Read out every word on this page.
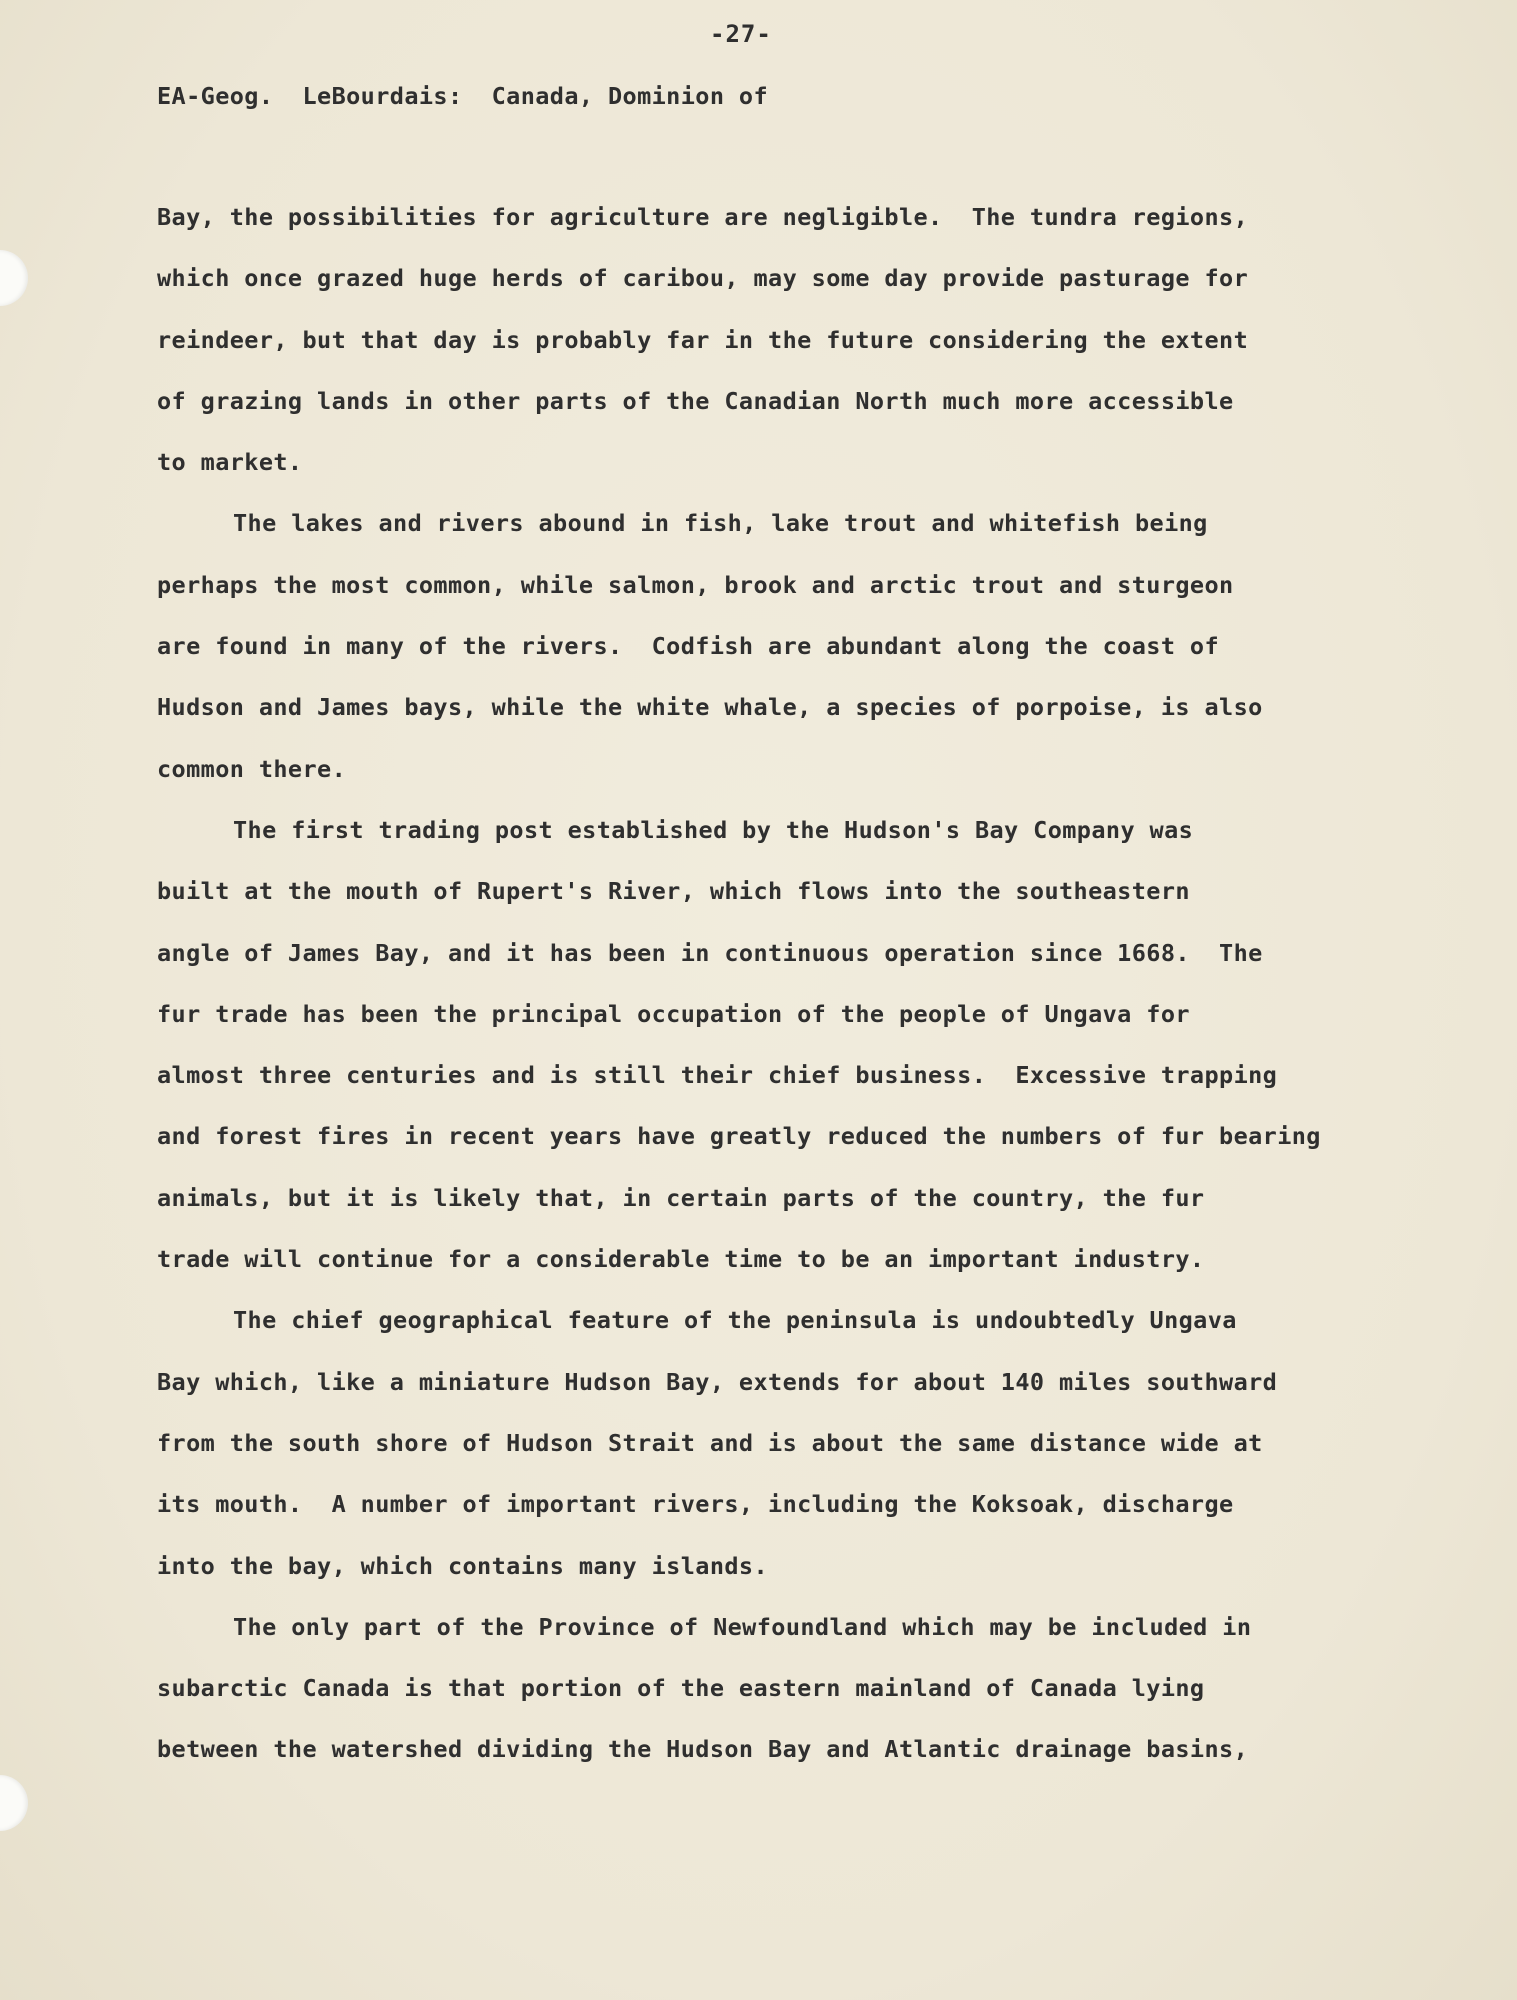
-27-
EA-Geog.  LeBourdais:  Canada, Dominion of
Bay, the possibilities for agriculture are negligible.  The tundra regions,
which once grazed huge herds of caribou, may some day provide pasturage for
reindeer, but that day is probably far in the future considering the extent
of grazing lands in other parts of the Canadian North much more accessible
to market.
The lakes and rivers abound in fish, lake trout and whitefish being
perhaps the most common, while salmon, brook and arctic trout and sturgeon
are found in many of the rivers.  Codfish are abundant along the coast of
Hudson and James bays, while the white whale, a species of porpoise, is also
common there.
The first trading post established by the Hudson's Bay Company was
built at the mouth of Rupert's River, which flows into the southeastern
angle of James Bay, and it has been in continuous operation since 1668.  The
fur trade has been the principal occupation of the people of Ungava for
almost three centuries and is still their chief business.  Excessive trapping
and forest fires in recent years have greatly reduced the numbers of fur bearing
animals, but it is likely that, in certain parts of the country, the fur
trade will continue for a considerable time to be an important industry.
The chief geographical feature of the peninsula is undoubtedly Ungava
Bay which, like a miniature Hudson Bay, extends for about 140 miles southward
from the south shore of Hudson Strait and is about the same distance wide at
its mouth.  A number of important rivers, including the Koksoak, discharge
into the bay, which contains many islands.
The only part of the Province of Newfoundland which may be included in
subarctic Canada is that portion of the eastern mainland of Canada lying
between the watershed dividing the Hudson Bay and Atlantic drainage basins,
